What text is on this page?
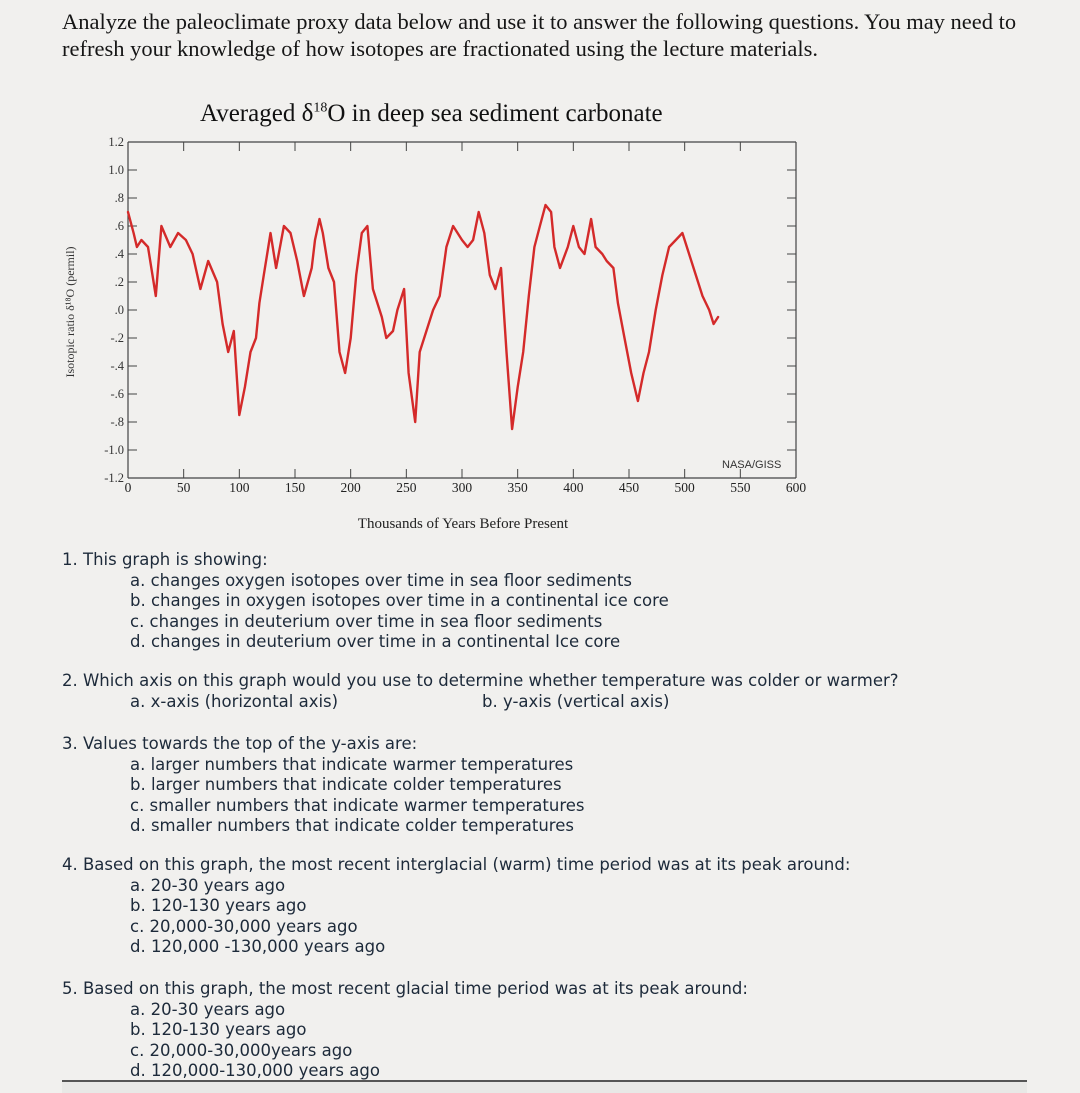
Analyze the paleoclimate proxy data below and use it to answer the following questions. You may need to refresh your knowledge of how isotopes are fractionated using the lecture materials.
Averaged $\delta^{18}O$ in deep sea sediment carbonate
1.2
1.0
.8
.6
.4
.2
.0
-.2
-.4
-.6
-.8
-1.0
-1.2
0	50	100	150	200	250	300	350	400	450	500	550	600
Isotopic ratio δ¹⁸O (permil)
Thousands of Years Before Present
NASA/GISS
1. This graph is showing:
a. changes oxygen isotopes over time in sea floor sediments
b. changes in oxygen isotopes over time in a continental ice core
c. changes in deuterium over time in sea floor sediments
d. changes in deuterium over time in a continental Ice core
2. Which axis on this graph would you use to determine whether temperature was colder or warmer?
a. x-axis (horizontal axis)	b. y-axis (vertical axis)
3. Values towards the top of the y-axis are:
a. larger numbers that indicate warmer temperatures
b. larger numbers that indicate colder temperatures
c. smaller numbers that indicate warmer temperatures
d. smaller numbers that indicate colder temperatures
4. Based on this graph, the most recent interglacial (warm) time period was at its peak around:
a. 20-30 years ago
b. 120-130 years ago
c. 20,000-30,000 years ago
d. 120,000 -130,000 years ago
5. Based on this graph, the most recent glacial time period was at its peak around:
a. 20-30 years ago
b. 120-130 years ago
c. 20,000-30,000years ago
d. 120,000-130,000 years ago
